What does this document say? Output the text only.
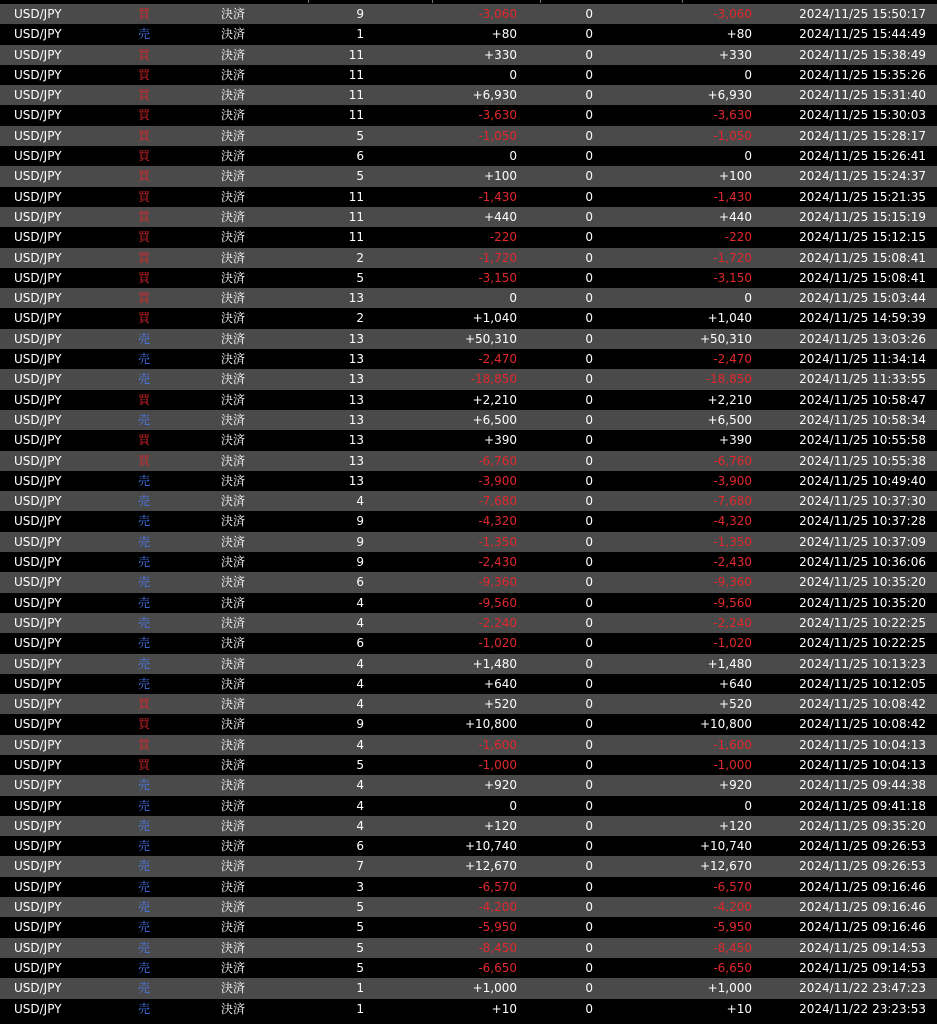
USD/JPY	買	決済	9	-3,060	0	-3,060	2024/11/25 15:50:17
USD/JPY	売	決済	1	+80	0	+80	2024/11/25 15:44:49
USD/JPY	買	決済	11	+330	0	+330	2024/11/25 15:38:49
USD/JPY	買	決済	11	0	0	0	2024/11/25 15:35:26
USD/JPY	買	決済	11	+6,930	0	+6,930	2024/11/25 15:31:40
USD/JPY	買	決済	11	-3,630	0	-3,630	2024/11/25 15:30:03
USD/JPY	買	決済	5	-1,050	0	-1,050	2024/11/25 15:28:17
USD/JPY	買	決済	6	0	0	0	2024/11/25 15:26:41
USD/JPY	買	決済	5	+100	0	+100	2024/11/25 15:24:37
USD/JPY	買	決済	11	-1,430	0	-1,430	2024/11/25 15:21:35
USD/JPY	買	決済	11	+440	0	+440	2024/11/25 15:15:19
USD/JPY	買	決済	11	-220	0	-220	2024/11/25 15:12:15
USD/JPY	買	決済	2	-1,720	0	-1,720	2024/11/25 15:08:41
USD/JPY	買	決済	5	-3,150	0	-3,150	2024/11/25 15:08:41
USD/JPY	買	決済	13	0	0	0	2024/11/25 15:03:44
USD/JPY	買	決済	2	+1,040	0	+1,040	2024/11/25 14:59:39
USD/JPY	売	決済	13	+50,310	0	+50,310	2024/11/25 13:03:26
USD/JPY	売	決済	13	-2,470	0	-2,470	2024/11/25 11:34:14
USD/JPY	売	決済	13	-18,850	0	-18,850	2024/11/25 11:33:55
USD/JPY	買	決済	13	+2,210	0	+2,210	2024/11/25 10:58:47
USD/JPY	売	決済	13	+6,500	0	+6,500	2024/11/25 10:58:34
USD/JPY	買	決済	13	+390	0	+390	2024/11/25 10:55:58
USD/JPY	買	決済	13	-6,760	0	-6,760	2024/11/25 10:55:38
USD/JPY	売	決済	13	-3,900	0	-3,900	2024/11/25 10:49:40
USD/JPY	売	決済	4	-7,680	0	-7,680	2024/11/25 10:37:30
USD/JPY	売	決済	9	-4,320	0	-4,320	2024/11/25 10:37:28
USD/JPY	売	決済	9	-1,350	0	-1,350	2024/11/25 10:37:09
USD/JPY	売	決済	9	-2,430	0	-2,430	2024/11/25 10:36:06
USD/JPY	売	決済	6	-9,360	0	-9,360	2024/11/25 10:35:20
USD/JPY	売	決済	4	-9,560	0	-9,560	2024/11/25 10:35:20
USD/JPY	売	決済	4	-2,240	0	-2,240	2024/11/25 10:22:25
USD/JPY	売	決済	6	-1,020	0	-1,020	2024/11/25 10:22:25
USD/JPY	売	決済	4	+1,480	0	+1,480	2024/11/25 10:13:23
USD/JPY	売	決済	4	+640	0	+640	2024/11/25 10:12:05
USD/JPY	買	決済	4	+520	0	+520	2024/11/25 10:08:42
USD/JPY	買	決済	9	+10,800	0	+10,800	2024/11/25 10:08:42
USD/JPY	買	決済	4	-1,600	0	-1,600	2024/11/25 10:04:13
USD/JPY	買	決済	5	-1,000	0	-1,000	2024/11/25 10:04:13
USD/JPY	売	決済	4	+920	0	+920	2024/11/25 09:44:38
USD/JPY	売	決済	4	0	0	0	2024/11/25 09:41:18
USD/JPY	売	決済	4	+120	0	+120	2024/11/25 09:35:20
USD/JPY	売	決済	6	+10,740	0	+10,740	2024/11/25 09:26:53
USD/JPY	売	決済	7	+12,670	0	+12,670	2024/11/25 09:26:53
USD/JPY	売	決済	3	-6,570	0	-6,570	2024/11/25 09:16:46
USD/JPY	売	決済	5	-4,200	0	-4,200	2024/11/25 09:16:46
USD/JPY	売	決済	5	-5,950	0	-5,950	2024/11/25 09:16:46
USD/JPY	売	決済	5	-8,450	0	-8,450	2024/11/25 09:14:53
USD/JPY	売	決済	5	-6,650	0	-6,650	2024/11/25 09:14:53
USD/JPY	売	決済	1	+1,000	0	+1,000	2024/11/22 23:47:23
USD/JPY	売	決済	1	+10	0	+10	2024/11/22 23:23:53
